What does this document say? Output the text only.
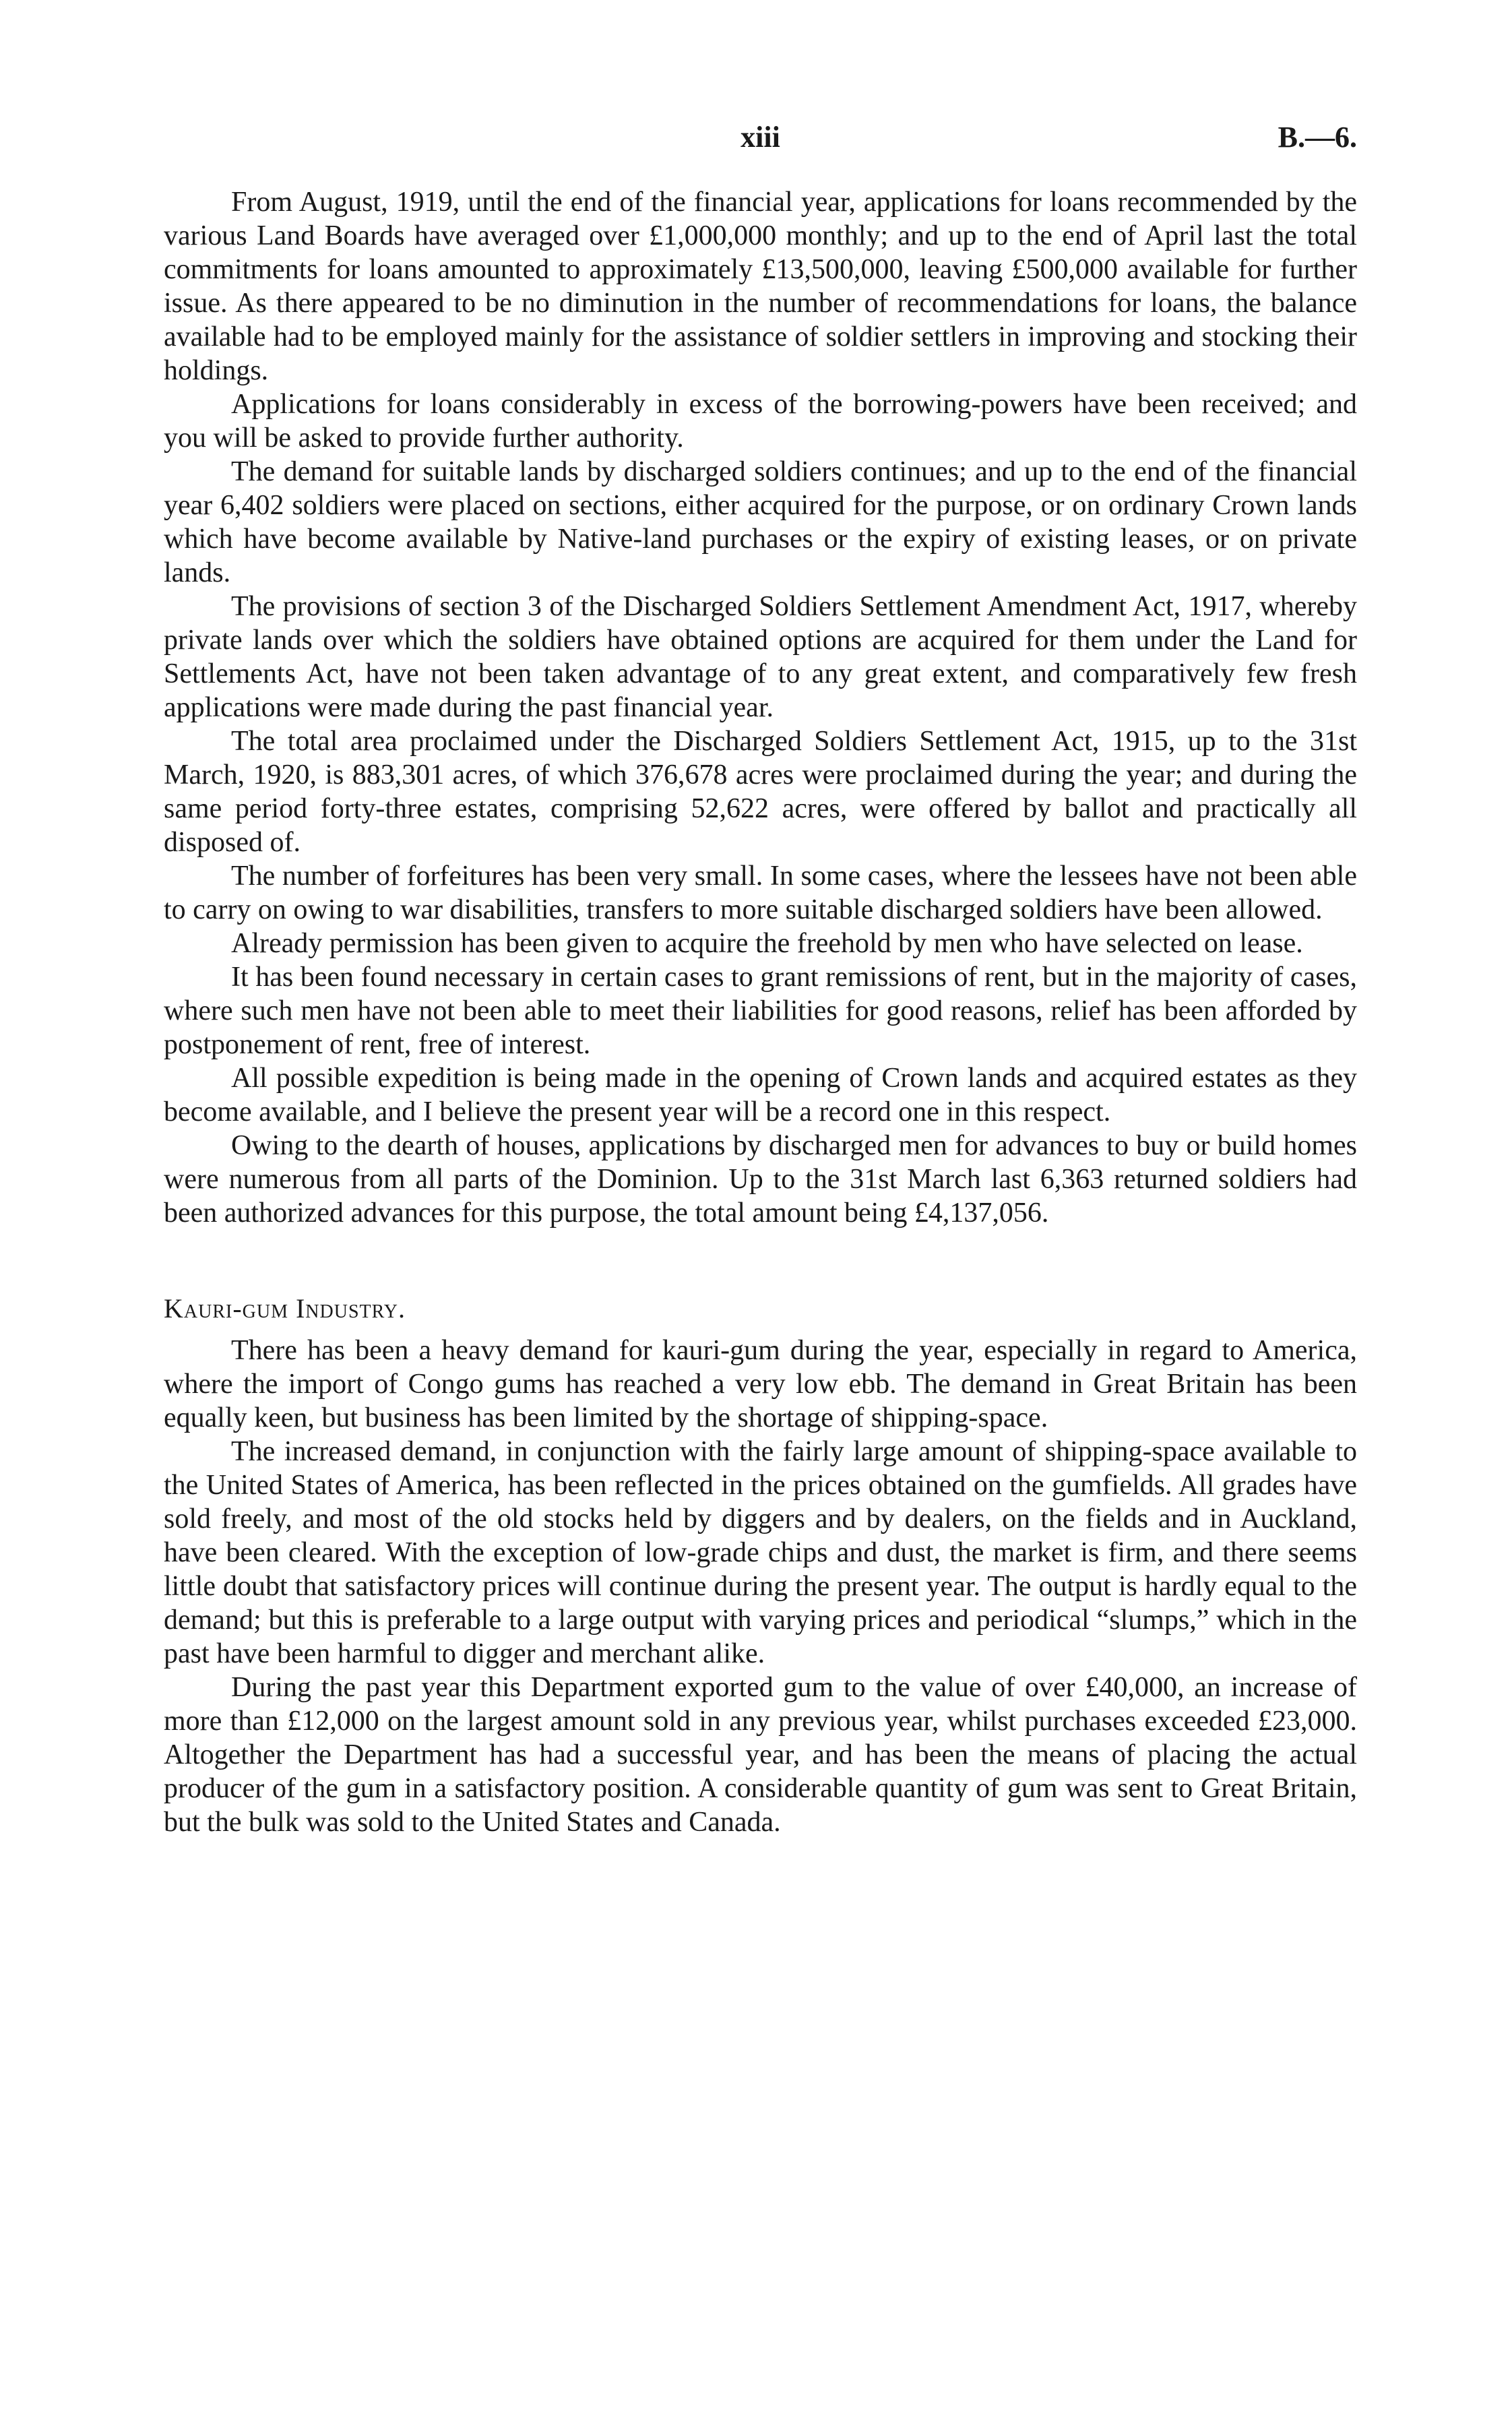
xiii	B.—6.

From August, 1919, until the end of the financial year, applications for loans recommended by the various Land Boards have averaged over £1,000,000 monthly; and up to the end of April last the total commitments for loans amounted to approximately £13,500,000, leaving £500,000 available for further issue. As there appeared to be no diminution in the number of recommendations for loans, the balance available had to be employed mainly for the assistance of soldier settlers in improving and stocking their holdings.

Applications for loans considerably in excess of the borrowing-powers have been received; and you will be asked to provide further authority.

The demand for suitable lands by discharged soldiers continues; and up to the end of the financial year 6,402 soldiers were placed on sections, either acquired for the purpose, or on ordinary Crown lands which have become available by Native-land purchases or the expiry of existing leases, or on private lands.

The provisions of section 3 of the Discharged Soldiers Settlement Amendment Act, 1917, whereby private lands over which the soldiers have obtained options are acquired for them under the Land for Settlements Act, have not been taken advantage of to any great extent, and comparatively few fresh applications were made during the past financial year.

The total area proclaimed under the Discharged Soldiers Settlement Act, 1915, up to the 31st March, 1920, is 883,301 acres, of which 376,678 acres were proclaimed during the year; and during the same period forty-three estates, comprising 52,622 acres, were offered by ballot and practically all disposed of.

The number of forfeitures has been very small. In some cases, where the lessees have not been able to carry on owing to war disabilities, transfers to more suitable discharged soldiers have been allowed.

Already permission has been given to acquire the freehold by men who have selected on lease.

It has been found necessary in certain cases to grant remissions of rent, but in the majority of cases, where such men have not been able to meet their liabilities for good reasons, relief has been afforded by postponement of rent, free of interest.

All possible expedition is being made in the opening of Crown lands and acquired estates as they become available, and I believe the present year will be a record one in this respect.

Owing to the dearth of houses, applications by discharged men for advances to buy or build homes were numerous from all parts of the Dominion. Up to the 31st March last 6,363 returned soldiers had been authorized advances for this purpose, the total amount being £4,137,056.

Kauri-gum Industry.

There has been a heavy demand for kauri-gum during the year, especially in regard to America, where the import of Congo gums has reached a very low ebb. The demand in Great Britain has been equally keen, but business has been limited by the shortage of shipping-space.

The increased demand, in conjunction with the fairly large amount of shipping-space available to the United States of America, has been reflected in the prices obtained on the gumfields. All grades have sold freely, and most of the old stocks held by diggers and by dealers, on the fields and in Auckland, have been cleared. With the exception of low-grade chips and dust, the market is firm, and there seems little doubt that satisfactory prices will continue during the present year. The output is hardly equal to the demand; but this is preferable to a large output with varying prices and periodical “slumps,” which in the past have been harmful to digger and merchant alike.

During the past year this Department exported gum to the value of over £40,000, an increase of more than £12,000 on the largest amount sold in any previous year, whilst purchases exceeded £23,000. Altogether the Department has had a successful year, and has been the means of placing the actual producer of the gum in a satisfactory position. A considerable quantity of gum was sent to Great Britain, but the bulk was sold to the United States and Canada.
